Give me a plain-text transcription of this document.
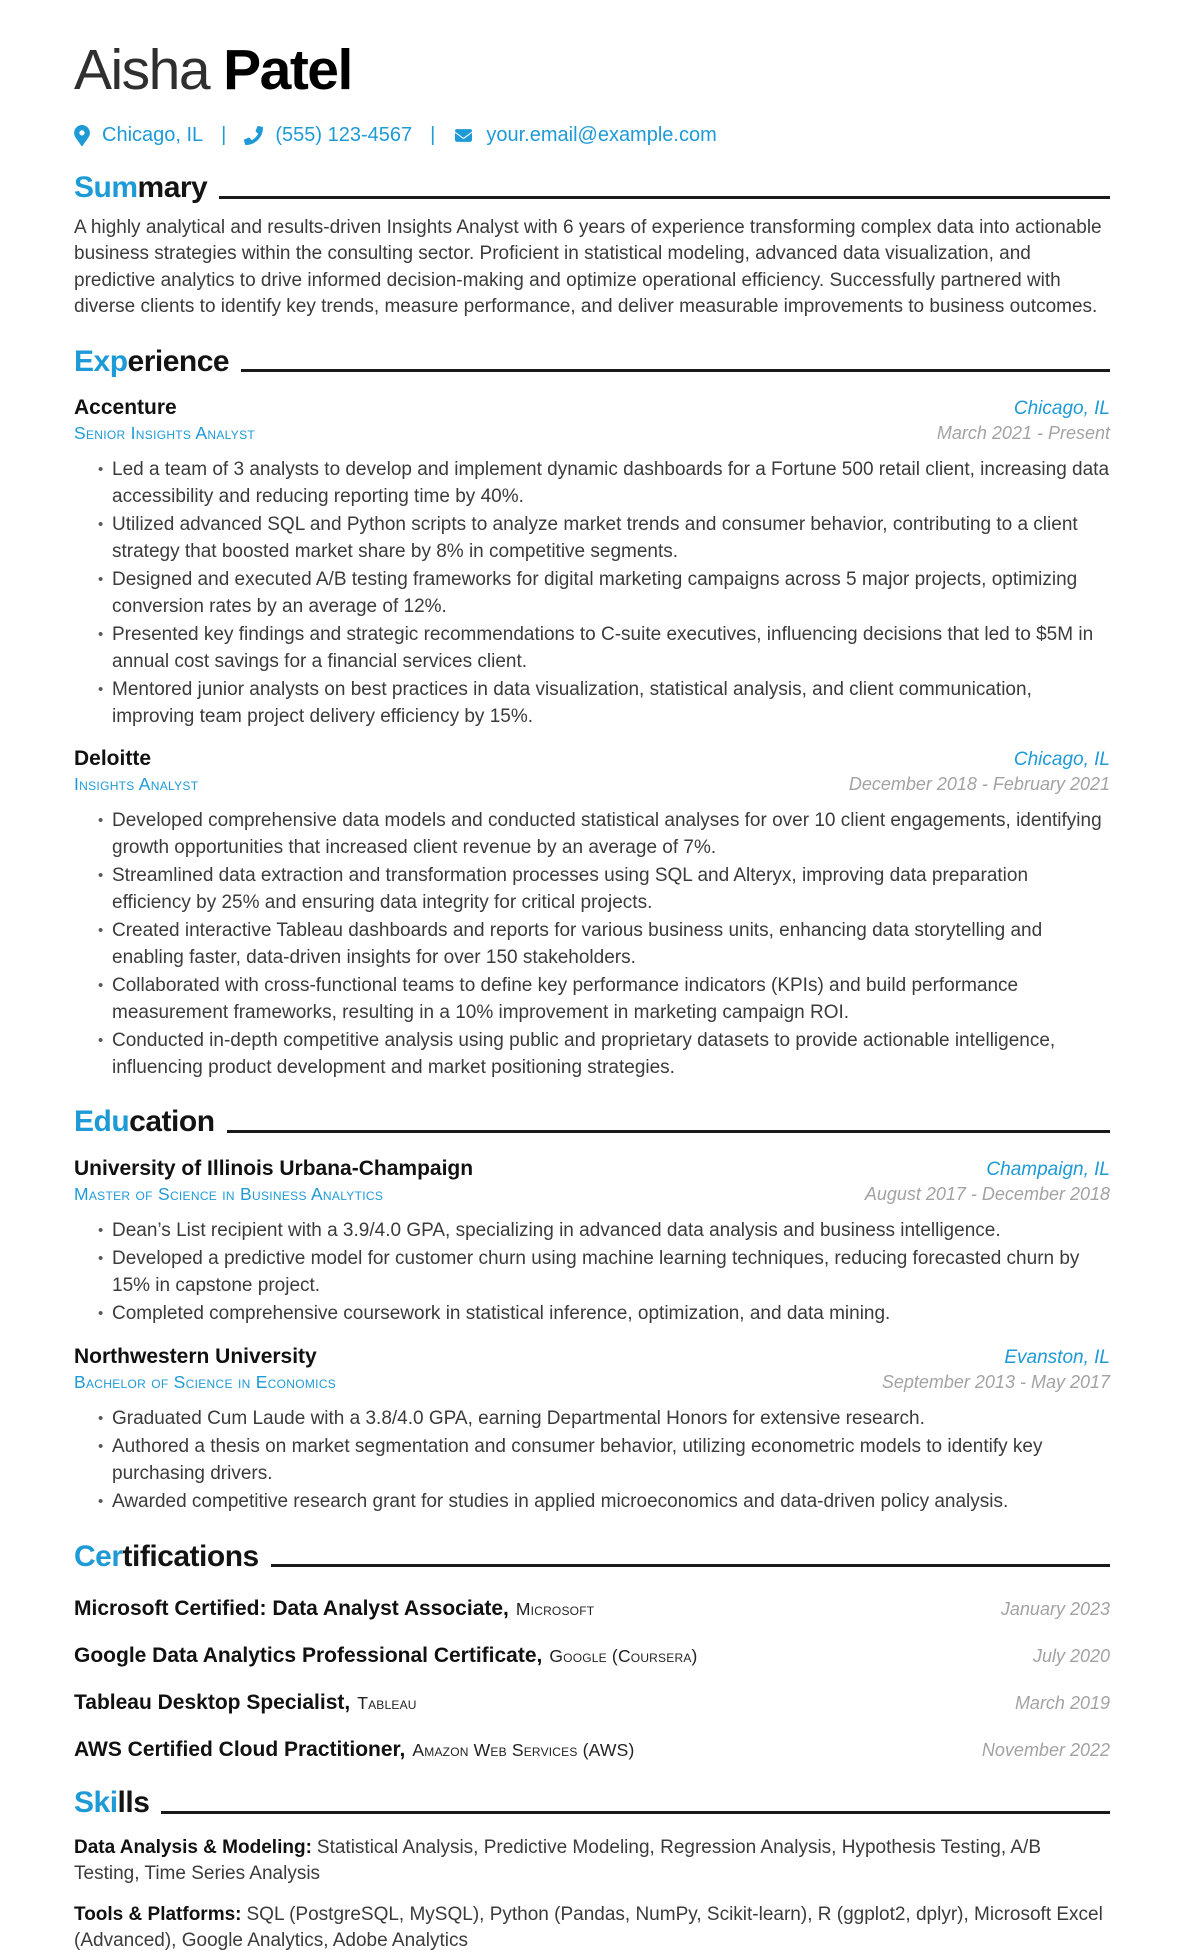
Aisha Patel
Chicago, IL | (555) 123-4567 |	your.email@example.com
Sum mary
A highly analytical and results-driven Insights Analyst with 6 years of experience transforming complex data into actionable business strategies within the consulting sector. Proficient in statistical modeling, advanced data visualization, and predictive analytics to drive informed decision-making and optimize operational efficiency. Successfully partnered with diverse clients to identify key trends, measure performance, and deliver measurable improvements to business outcomes.
Exp erience
Accenture	Chicago, IL
Senior Insights Analyst	March 2021 - Present
• Led a team of 3 analysts to develop and implement dynamic dashboards for a Fortune 500 retail client, increasing data accessibility and reducing reporting time by 40%.
• Utilized advanced SQL and Python scripts to analyze market trends and consumer behavior, contributing to a client strategy that boosted market share by 8% in competitive segments.
• Designed and executed A/B testing frameworks for digital marketing campaigns across 5 major projects, optimizing conversion rates by an average of 12%.
• Presented key findings and strategic recommendations to C-suite executives, influencing decisions that led to $5M in annual cost savings for a financial services client.
• Mentored junior analysts on best practices in data visualization, statistical analysis, and client communication, improving team project delivery efficiency by 15%.
Deloitte	Chicago, IL
Insights Analyst	December 2018 - February 2021
• Developed comprehensive data models and conducted statistical analyses for over 10 client engagements, identifying growth opportunities that increased client revenue by an average of 7%.
• Streamlined data extraction and transformation processes using SQL and Alteryx, improving data preparation efficiency by 25% and ensuring data integrity for critical projects.
• Created interactive Tableau dashboards and reports for various business units, enhancing data storytelling and enabling faster, data-driven insights for over 150 stakeholders.
• Collaborated with cross-functional teams to define key performance indicators (KPIs) and build performance measurement frameworks, resulting in a 10% improvement in marketing campaign ROI.
• Conducted in-depth competitive analysis using public and proprietary datasets to provide actionable intelligence, influencing product development and market positioning strategies.
Edu cation
University of Illinois Urbana-Champaign	Champaign, IL
Master of Science in Business Analytics	August 2017 - December 2018
• Dean’s List recipient with a 3.9/4.0 GPA, specializing in advanced data analysis and business intelligence.
• Developed a predictive model for customer churn using machine learning techniques, reducing forecasted churn by 15% in capstone project.
• Completed comprehensive coursework in statistical inference, optimization, and data mining.
Northwestern University	Evanston, IL
Bachelor of Science in Economics	September 2013 - May 2017
• Graduated Cum Laude with a 3.8/4.0 GPA, earning Departmental Honors for extensive research.
• Authored a thesis on market segmentation and consumer behavior, utilizing econometric models to identify key purchasing drivers.
• Awarded competitive research grant for studies in applied microeconomics and data-driven policy analysis.
Cer tifications
Microsoft Certified: Data Analyst Associate, Microsoft	January 2023
Google Data Analytics Professional Certificate, Google (Coursera)	July 2020
Tableau Desktop Specialist, Tableau	March 2019
AWS Certified Cloud Practitioner, Amazon Web Services (AWS)	November 2022
Ski lls
Data Analysis & Modeling: Statistical Analysis, Predictive Modeling, Regression Analysis, Hypothesis Testing, A/B Testing, Time Series Analysis
Tools & Platforms: SQL (PostgreSQL, MySQL), Python (Pandas, NumPy, Scikit-learn), R (ggplot2, dplyr), Microsoft Excel (Advanced), Google Analytics, Adobe Analytics
